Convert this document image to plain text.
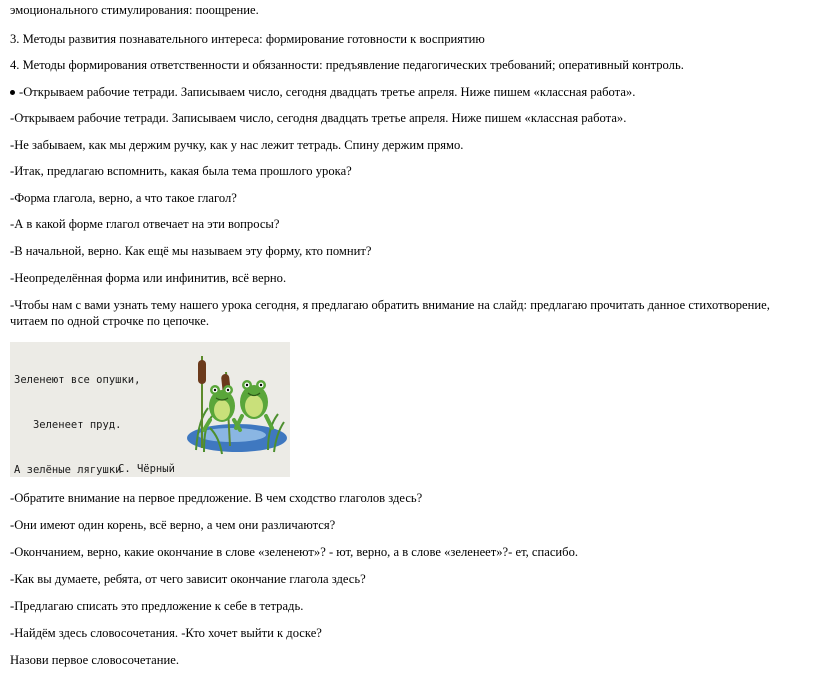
эмоционального стимулирования: поощрение.
3. Методы развития познавательного интереса: формирование готовности к восприятию
4. Методы формирования ответственности и обязанности: предъявление педагогических требований; оперативный контроль.
-Открываем рабочие тетради. Записываем число, сегодня двадцать третье апреля. Ниже пишем «классная работа».
-Открываем рабочие тетради. Записываем число, сегодня двадцать третье апреля. Ниже пишем «классная работа».
-Не забываем, как мы держим ручку, как у нас лежит тетрадь. Спину держим прямо.
-Итак, предлагаю вспомнить, какая была тема прошлого урока?
-Форма глагола, верно, а что такое глагол?
-А в какой форме глагол отвечает на эти вопросы?
-В начальной, верно. Как ещё мы называем эту форму, кто помнит?
-Неопределённая форма или инфинитив, всё верно.
-Чтобы нам с вами узнать тему нашего урока сегодня, я предлагаю обратить внимание на слайд: предлагаю прочитать данное стихотворение, читаем по одной строчке по цепочке.

Зеленеют все опушки,

Зеленеет пруд.

А зелёные лягушки

С. Чёрный
-Обратите внимание на первое предложение. В чем сходство глаголов здесь?
-Они имеют один корень, всё верно, а чем они различаются?
-Окончанием, верно, какие окончание в слове «зеленеют»? - ют, верно, а в слове «зеленеет»?- ет, спасибо.
-Как вы думаете, ребята, от чего зависит окончание глагола здесь?
-Предлагаю списать это предложение к себе в тетрадь.
-Найдём здесь словосочетания. -Кто хочет выйти к доске?
Назови первое словосочетание.
